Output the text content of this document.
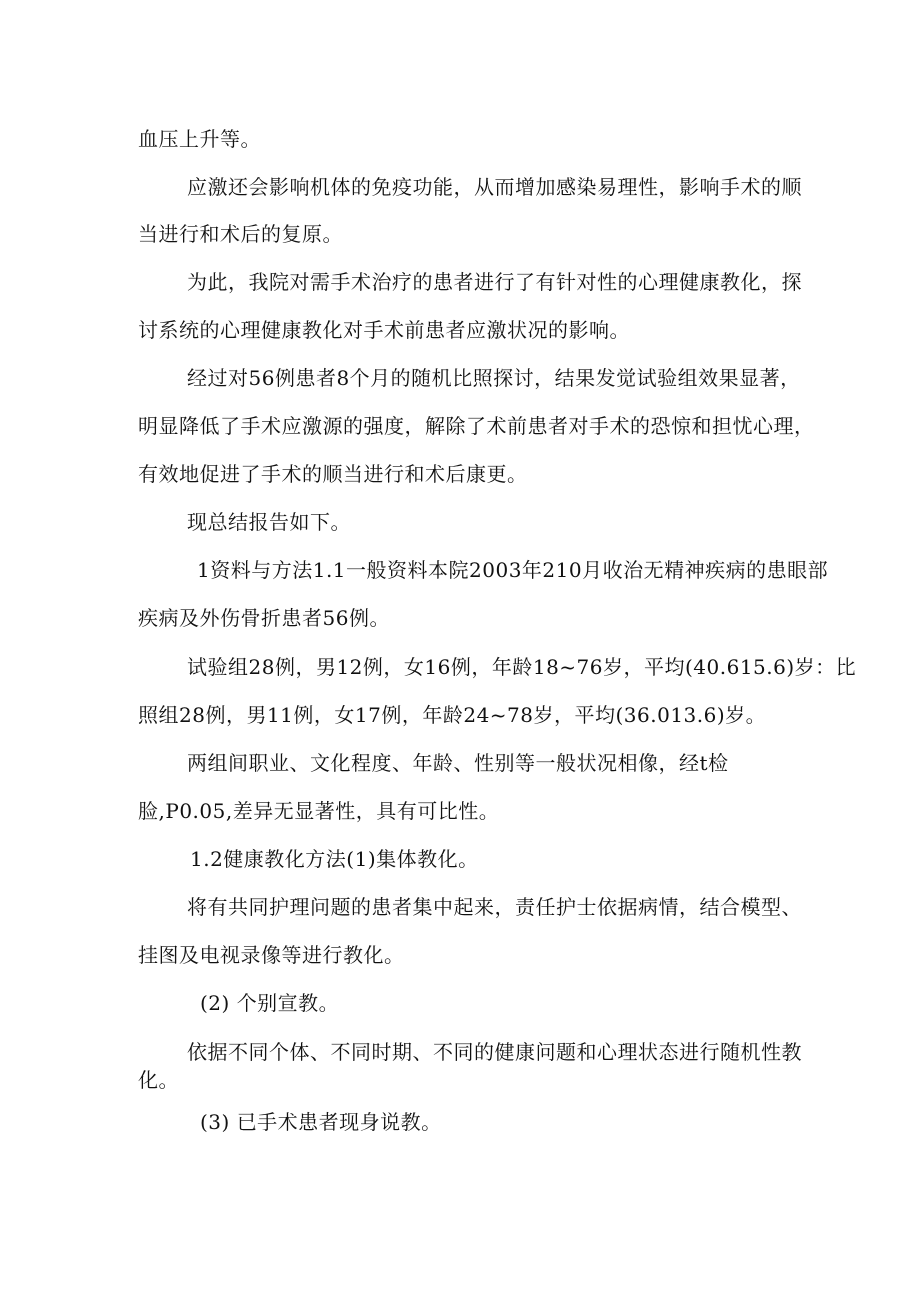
血压上升等。
应激还会影响机体的免疫功能，从而增加感染易理性，影响手术的顺
当进行和术后的复原。
为此，我院对需手术治疗的患者进行了有针对性的心理健康教化，探
讨系统的心理健康教化对手术前患者应激状况的影响。
经过对56例患者8个月的随机比照探讨，结果发觉试验组效果显著，
明显降低了手术应激源的强度，解除了术前患者对手术的恐惊和担忧心理，
有效地促进了手术的顺当进行和术后康更。
现总结报告如下。
1资料与方法1.1一般资料本院2003年210月收治无精神疾病的患眼部
疾病及外伤骨折患者56例。
试验组28例，男12例，女16例，年龄18~76岁，平均(40.615.6)岁：比
照组28例，男11例，女17例，年龄24~78岁，平均(36.013.6)岁。
两组间职业、文化程度、年龄、性别等一般状况相像，经t检
脸,P0.05,差异无显著性，具有可比性。
1.2健康教化方法(1)集体教化。
将有共同护理问题的患者集中起来，责任护士依据病情，结合模型、
挂图及电视录像等进行教化。
(2) 个别宣教。
依据不同个体、不同时期、不同的健康问题和心理状态进行随机性教
化。
(3) 已手术患者现身说教。
